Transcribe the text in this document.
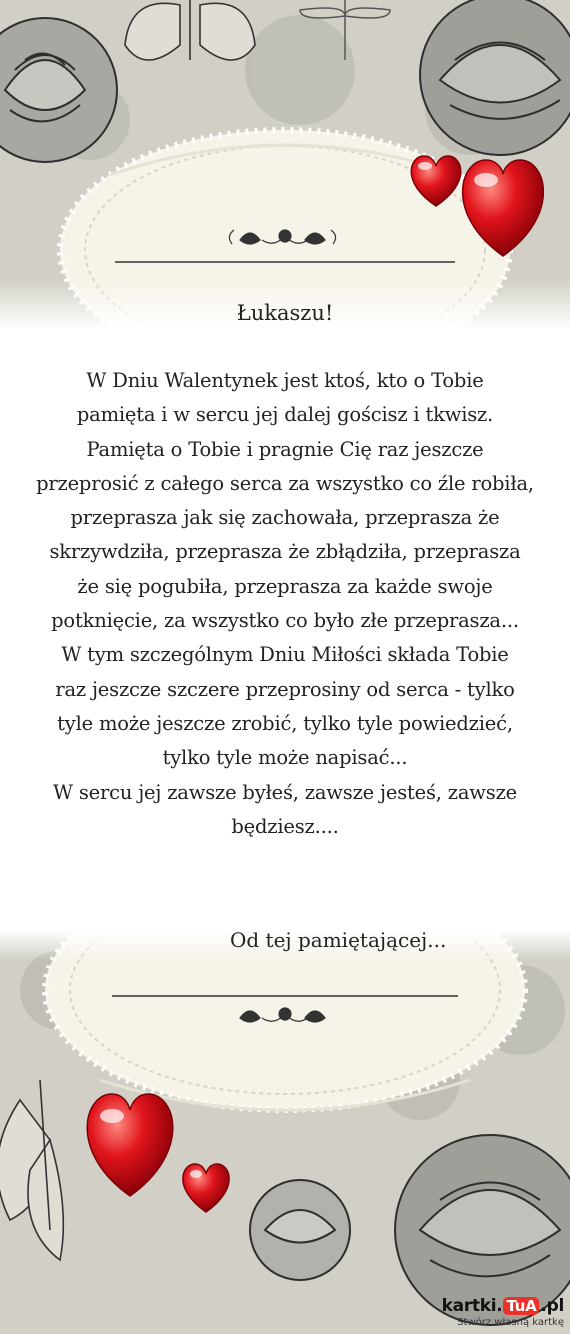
Łukaszu!

W Dniu Walentynek jest ktoś, kto o Tobie

pamięta i w sercu jej dalej gościsz i tkwisz.

Pamięta o Tobie i pragnie Cię raz jeszcze

przeprosić z całego serca za wszystko co źle robiła,

przeprasza jak się zachowała, przeprasza że

skrzywdziła, przeprasza że zbłądziła, przeprasza

że się pogubiła, przeprasza za każde swoje

potknięcie, za wszystko co było złe przeprasza...

W tym szczególnym Dniu Miłości składa Tobie

raz jeszcze szczere przeprosiny od serca - tylko

tyle może jeszcze zrobić, tylko tyle powiedzieć,

tylko tyle może napisać...

W sercu jej zawsze byłeś, zawsze jesteś, zawsze

będziesz....

Od tej pamiętającej...
kartki. TuA .pl
Stwórz własną kartkę
